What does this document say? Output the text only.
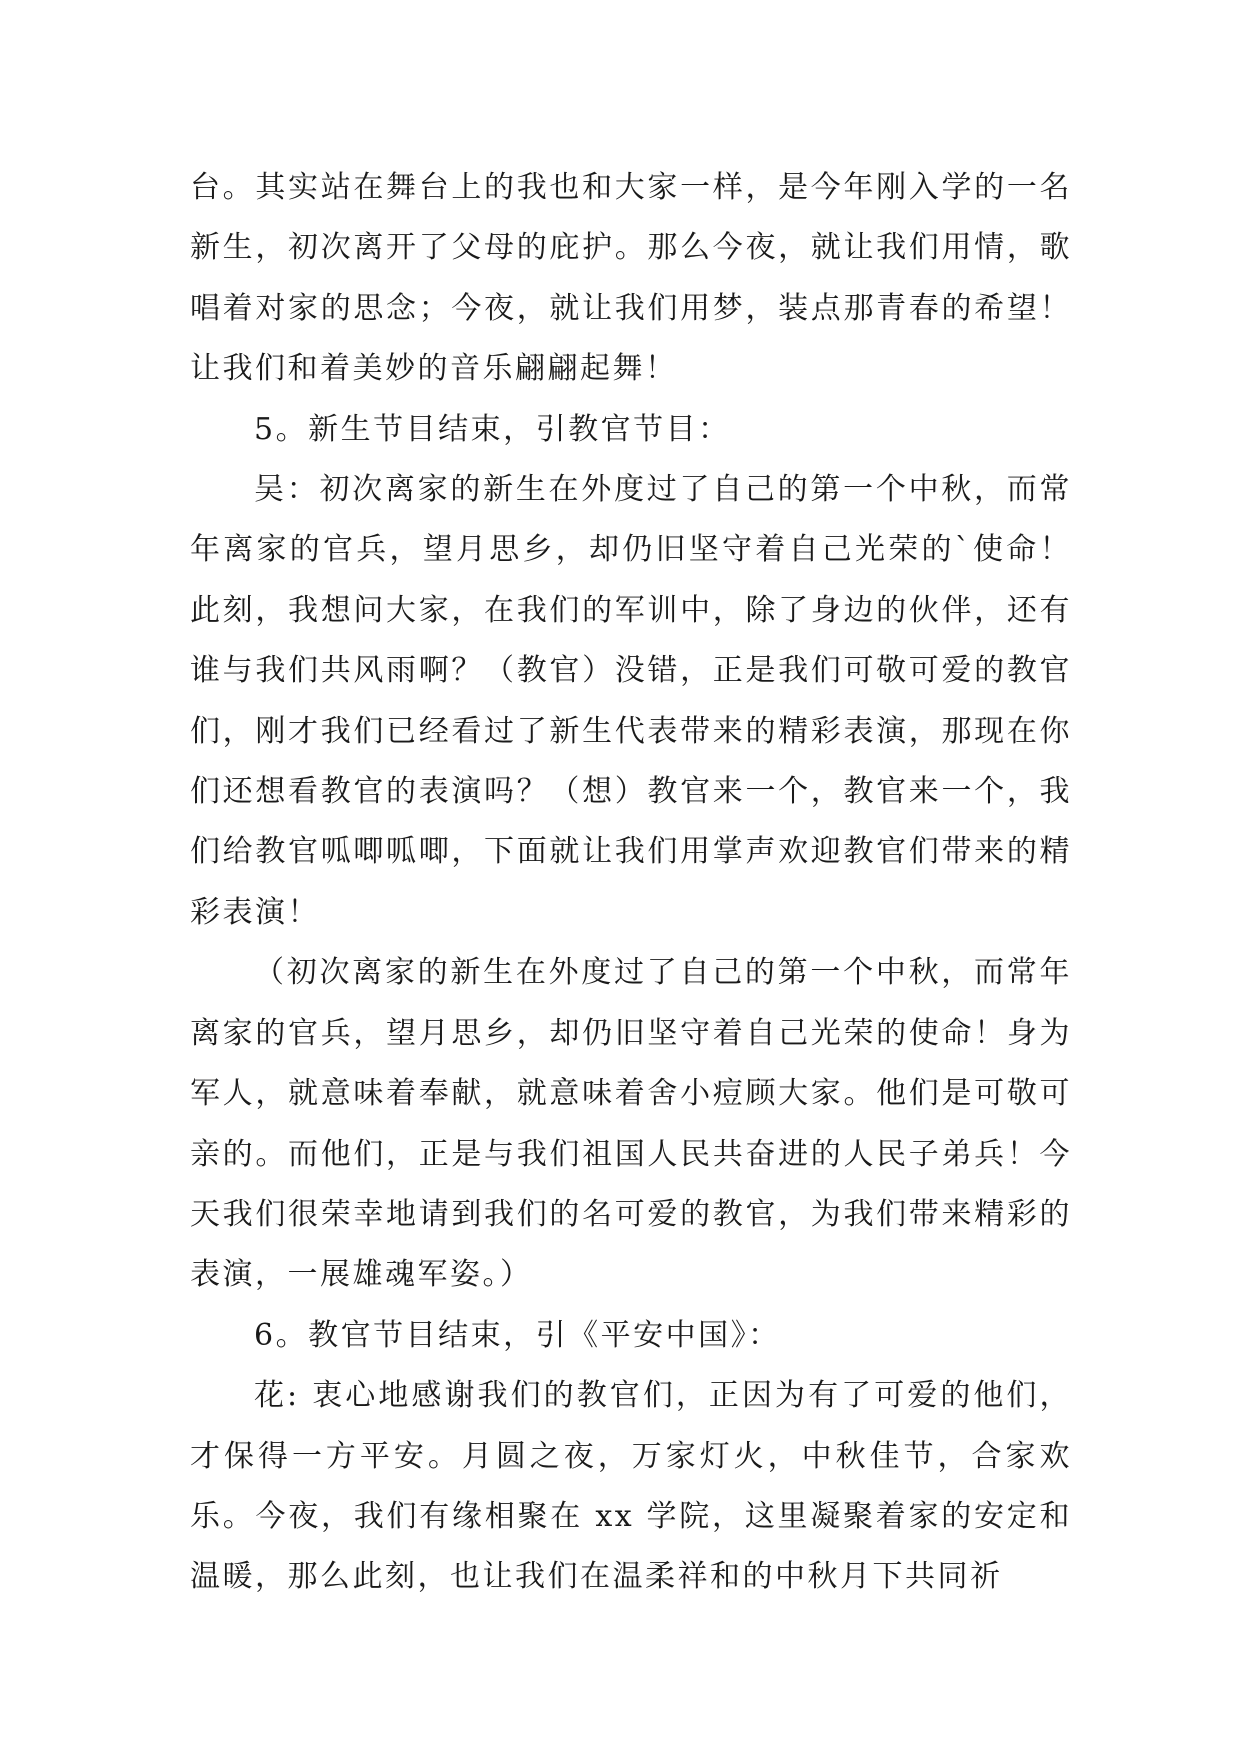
台。其实站在舞台上的我也和大家一样，是今年刚入学的一名新生，初次离开了父母的庇护。那么今夜，就让我们用情，歌唱着对家的思念；今夜，就让我们用梦，装点那青春的希望！让我们和着美妙的音乐翩翩起舞！

5。新生节目结束，引教官节目：

吴：初次离家的新生在外度过了自己的第一个中秋，而常年离家的官兵，望月思乡，却仍旧坚守着自己光荣的`使命！此刻，我想问大家，在我们的军训中，除了身边的伙伴，还有谁与我们共风雨啊？（教官）没错，正是我们可敬可爱的教官们，刚才我们已经看过了新生代表带来的精彩表演，那现在你们还想看教官的表演吗？（想）教官来一个，教官来一个，我们给教官呱唧呱唧，下面就让我们用掌声欢迎教官们带来的精彩表演！

（初次离家的新生在外度过了自己的第一个中秋，而常年离家的官兵，望月思乡，却仍旧坚守着自己光荣的使命！身为军人，就意味着奉献，就意味着舍小痘顾大家。他们是可敬可亲的。而他们，正是与我们祖国人民共奋进的人民子弟兵！今天我们很荣幸地请到我们的名可爱的教官，为我们带来精彩的表演，一展雄魂军姿。）

6。教官节目结束，引《平安中国》：

花: 衷心地感谢我们的教官们，正因为有了可爱的他们，才保得一方平安。月圆之夜，万家灯火，中秋佳节，合家欢乐。今夜，我们有缘相聚在 xx 学院，这里凝聚着家的安定和温暖，那么此刻，也让我们在温柔祥和的中秋月下共同祈
